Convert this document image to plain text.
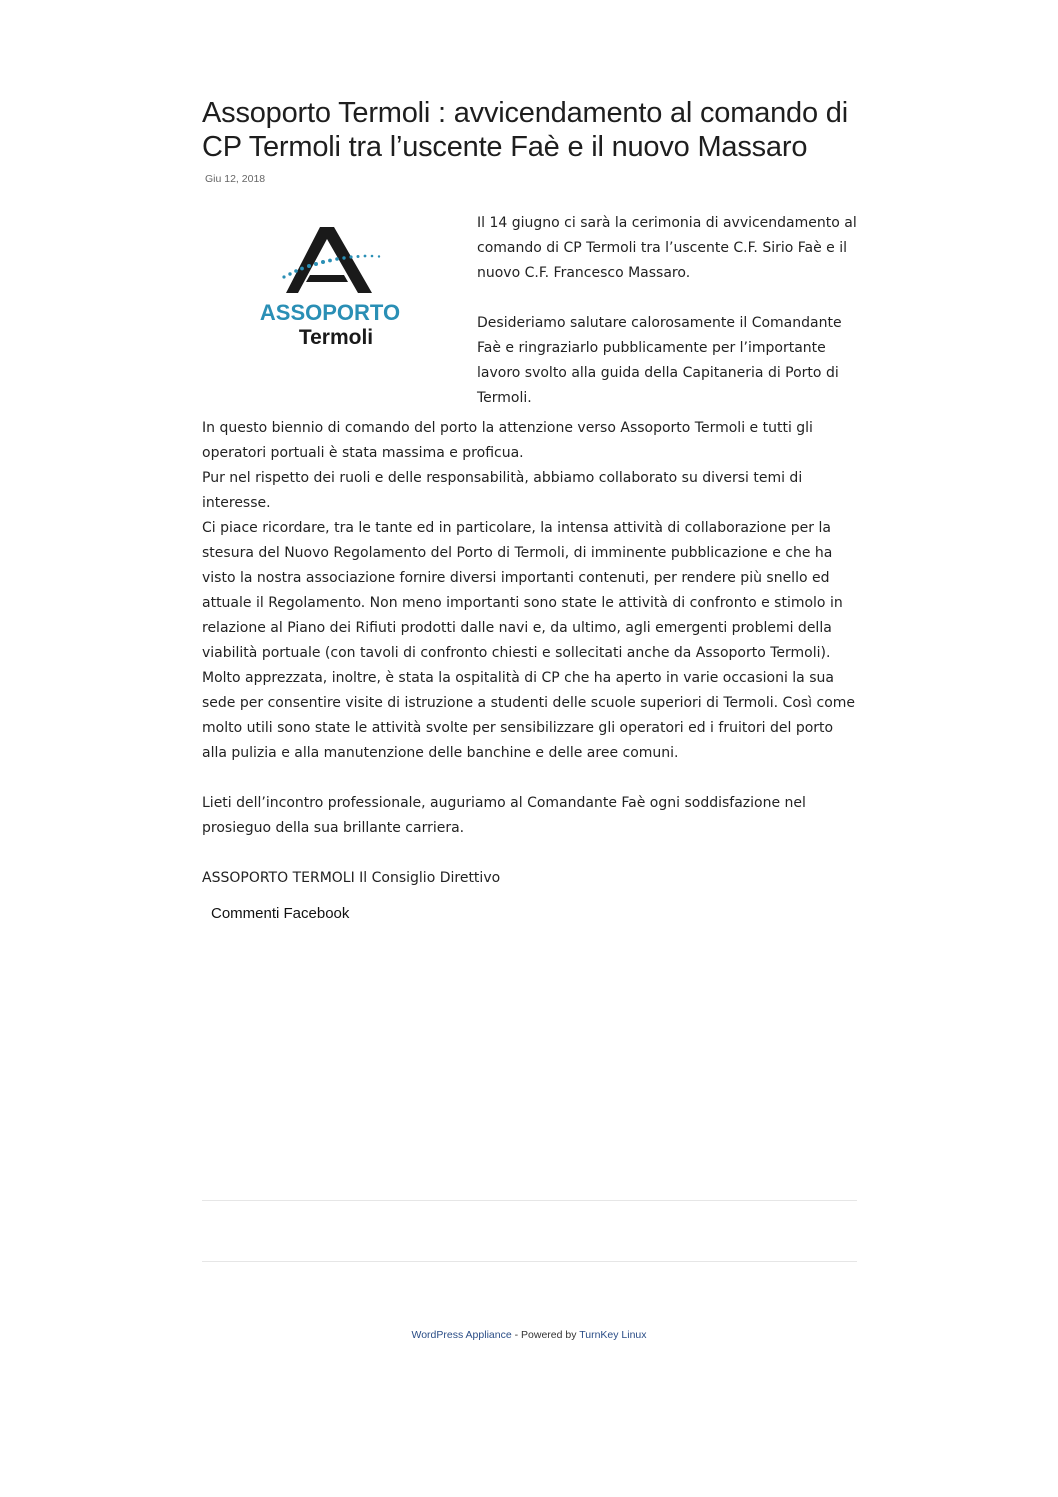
Assoporto Termoli : avvicendamento al comando di CP Termoli tra l’uscente Faè e il nuovo Massaro
Giu 12, 2018
ASSOPORTO
Termoli

Il 14 giugno ci sarà la cerimonia di avvicendamento al comando di CP Termoli tra l’uscente C.F. Sirio Faè e il nuovo C.F. Francesco Massaro.

Desideriamo salutare calorosamente il Comandante Faè e ringraziarlo pubblicamente per l’importante lavoro svolto alla guida della Capitaneria di Porto di Termoli.

In questo biennio di comando del porto la attenzione verso Assoporto Termoli e tutti gli operatori portuali è stata massima e proficua.

Pur nel rispetto dei ruoli e delle responsabilità, abbiamo collaborato su diversi temi di interesse.

Ci piace ricordare, tra le tante ed in particolare, la intensa attività di collaborazione per la stesura del Nuovo Regolamento del Porto di Termoli, di imminente pubblicazione e che ha visto la nostra associazione fornire diversi importanti contenuti, per rendere più snello ed attuale il Regolamento. Non meno importanti sono state le attività di confronto e stimolo in relazione al Piano dei Rifiuti prodotti dalle navi e, da ultimo, agli emergenti problemi della viabilità portuale (con tavoli di confronto chiesti e sollecitati anche da Assoporto Termoli). Molto apprezzata, inoltre, è stata la ospitalità di CP che ha aperto in varie occasioni la sua sede per consentire visite di istruzione a studenti delle scuole superiori di Termoli. Così come molto utili sono state le attività svolte per sensibilizzare gli operatori ed i fruitori del porto alla pulizia e alla manutenzione delle banchine e delle aree comuni.

Lieti dell’incontro professionale, auguriamo al Comandante Faè ogni soddisfazione nel prosieguo della sua brillante carriera.

ASSOPORTO TERMOLI Il Consiglio Direttivo

Commenti Facebook
WordPress Appliance - Powered by TurnKey Linux
